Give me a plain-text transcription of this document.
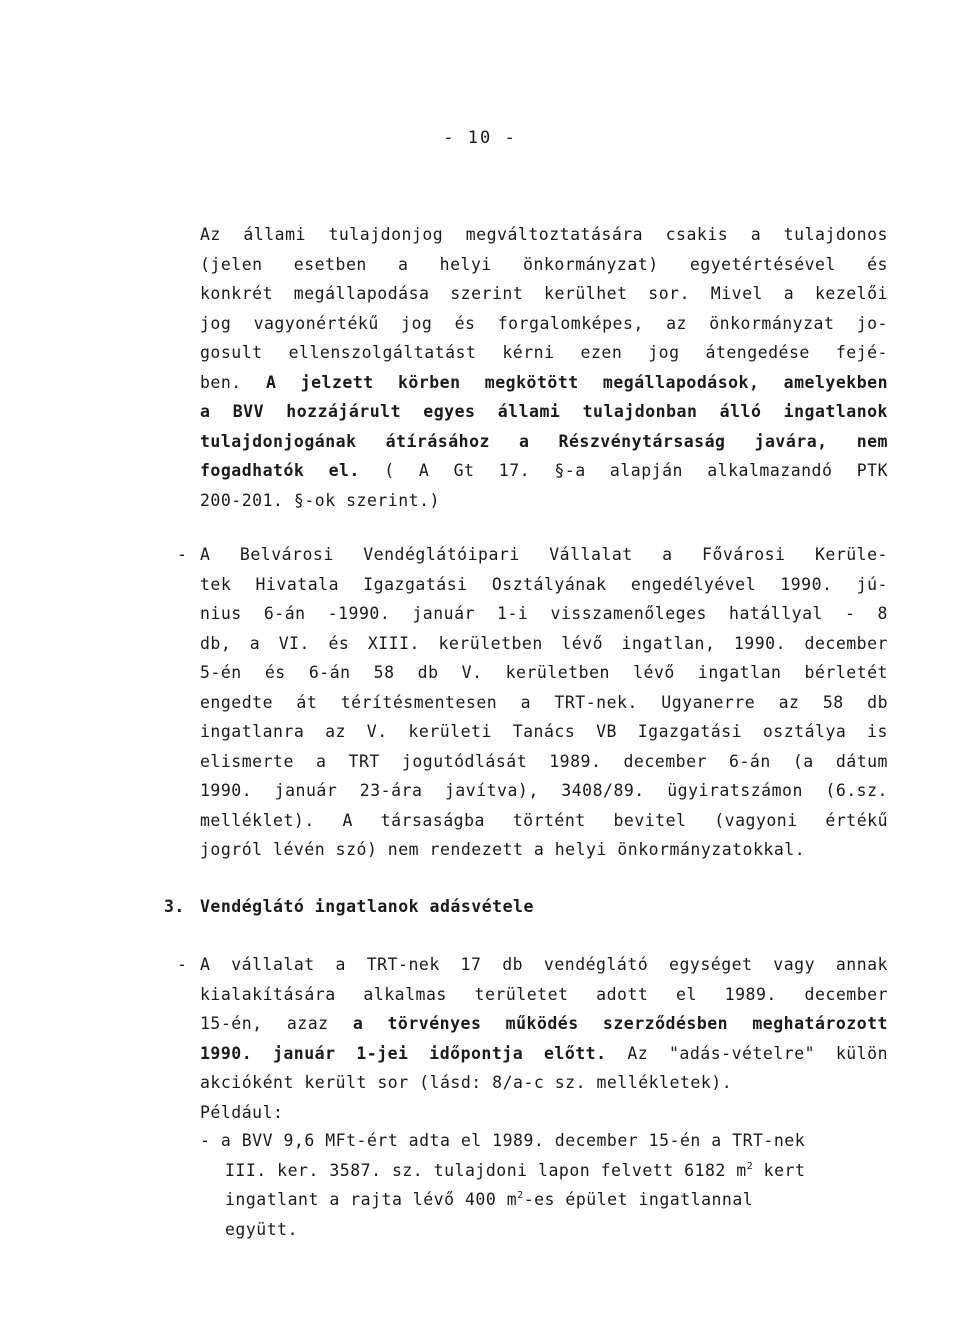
- 10 -
Az állami tulajdonjog megváltoztatására csakis a tulajdonos
(jelen esetben a helyi önkormányzat) egyetértésével és
konkrét megállapodása szerint kerülhet sor. Mivel a kezelői
jog vagyonértékű jog és forgalomképes, az önkormányzat jo-
gosult ellenszolgáltatást kérni ezen jog átengedése fejé-
ben. A jelzett körben megkötött megállapodások, amelyekben
a BVV hozzájárult egyes állami tulajdonban álló ingatlanok
tulajdonjogának átírásához a Részvénytársaság javára, nem
fogadhatók el. ( A Gt 17. §-a alapján alkalmazandó PTK
200-201. §-ok szerint.)
- A Belvárosi Vendéglátóipari Vállalat a Fővárosi Kerüle-
tek Hivatala Igazgatási Osztályának engedélyével 1990. jú-
nius 6-án -1990. január 1-i visszamenőleges hatállyal - 8
db, a VI. és XIII. kerületben lévő ingatlan, 1990. december
5-én és 6-án 58 db V. kerületben lévő ingatlan bérletét
engedte át térítésmentesen a TRT-nek. Ugyanerre az 58 db
ingatlanra az V. kerületi Tanács VB Igazgatási osztálya is
elismerte a TRT jogutódlását 1989. december 6-án (a dátum
1990. január 23-ára javítva), 3408/89. ügyiratszámon (6.sz.
melléklet). A társaságba történt bevitel (vagyoni értékű
jogról lévén szó) nem rendezett a helyi önkormányzatokkal.
3. Vendéglátó ingatlanok adásvétele
- A vállalat a TRT-nek 17 db vendéglátó egységet vagy annak
kialakítására alkalmas területet adott el 1989. december
15-én, azaz a törvényes működés szerződésben meghatározott
1990. január 1-jei időpontja előtt. Az "adás-vételre" külön
akcióként került sor (lásd: 8/a-c sz. mellékletek).
Például:
- a BVV 9,6 MFt-ért adta el 1989. december 15-én a TRT-nek
III. ker. 3587. sz. tulajdoni lapon felvett 6182 $m^2$ kert
ingatlant a rajta lévő 400 $m^2-es$ épület ingatlannal
együtt.
